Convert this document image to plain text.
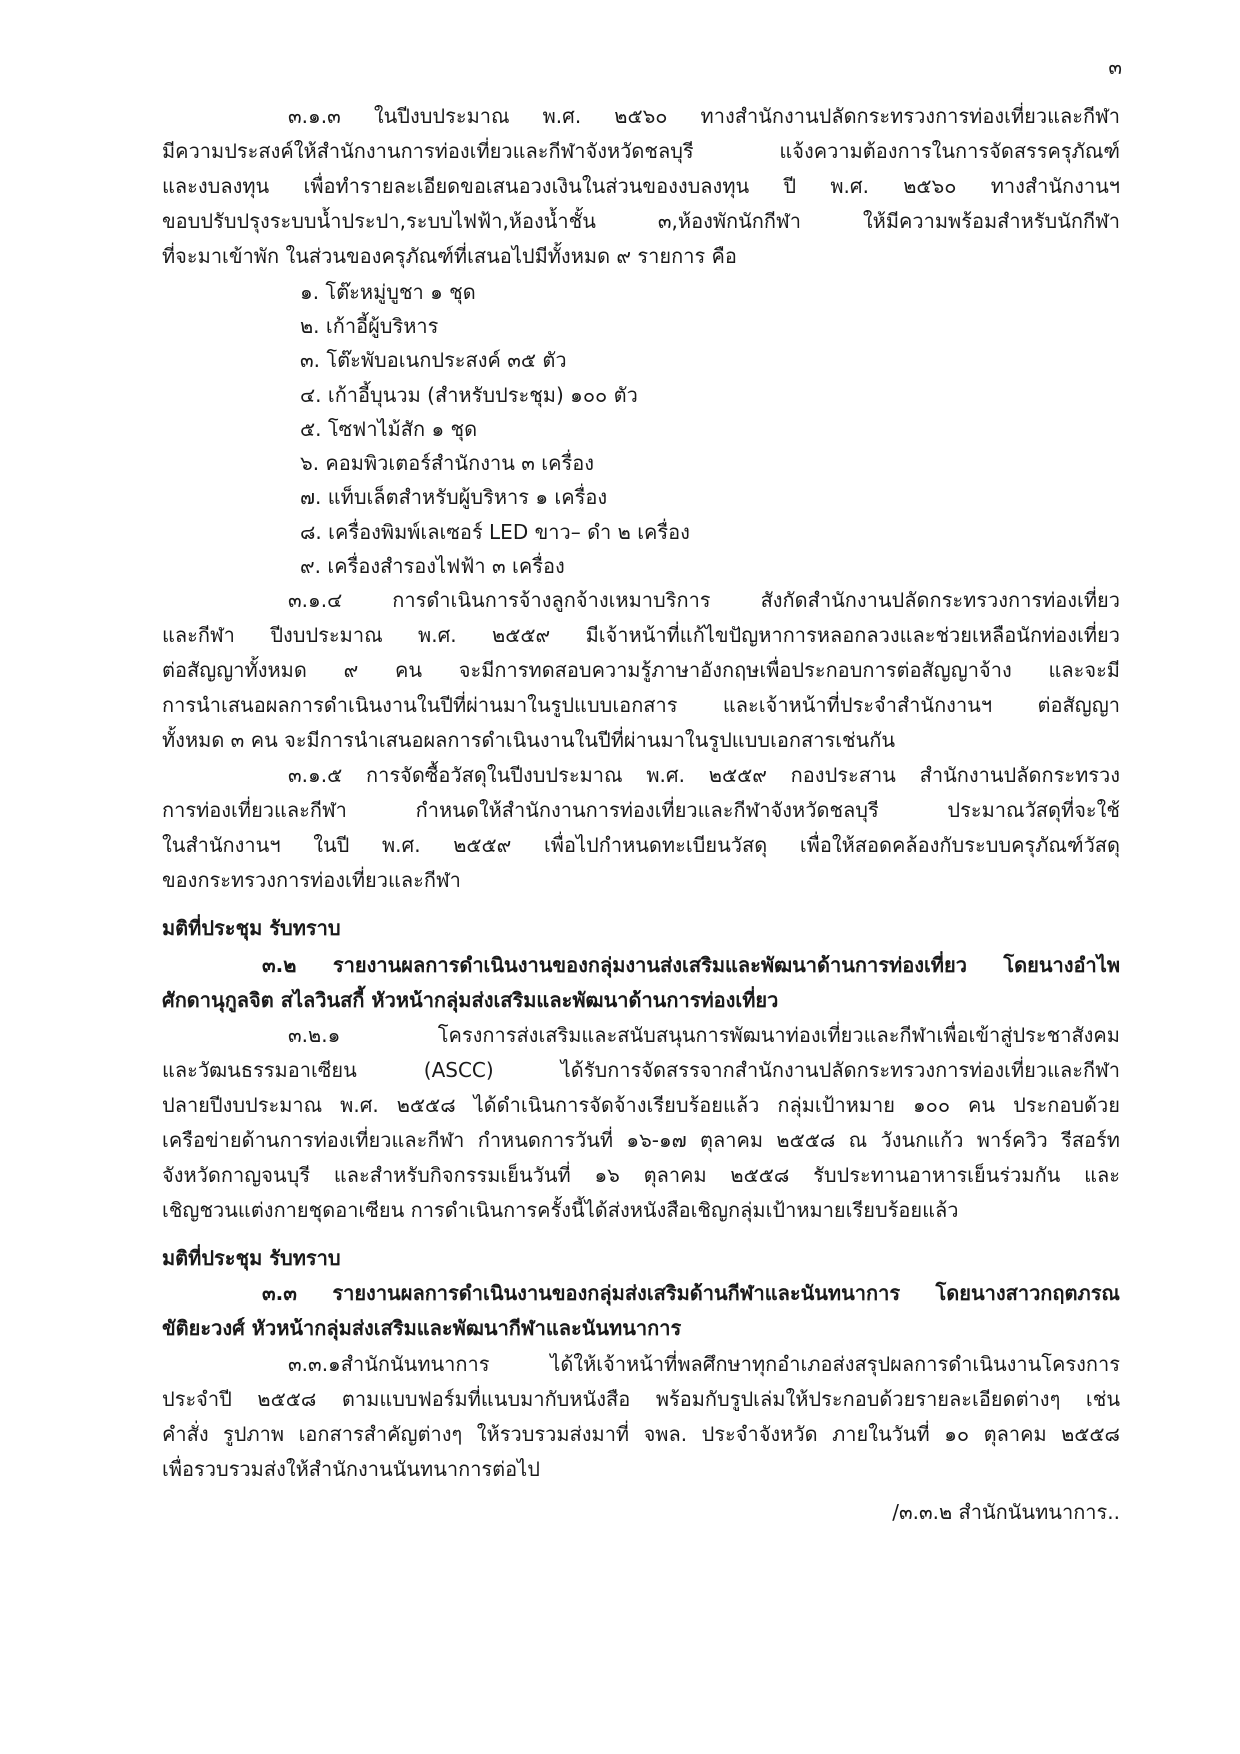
๓
๓.๑.๓ ในปีงบประมาณ พ.ศ. ๒๕๖๐ ทางสำนักงานปลัดกระทรวงการท่องเที่ยวและกีฬา
มีความประสงค์ให้สำนักงานการท่องเที่ยวและกีฬาจังหวัดชลบุรี แจ้งความต้องการในการจัดสรรครุภัณฑ์
และงบลงทุน เพื่อทำรายละเอียดขอเสนอวงเงินในส่วนของงบลงทุน ปี พ.ศ. ๒๕๖๐ ทางสำนักงานฯ
ขอบปรับปรุงระบบน้ำประปา,ระบบไฟฟ้า,ห้องน้ำชั้น ๓,ห้องพักนักกีฬา ให้มีความพร้อมสำหรับนักกีฬา
ที่จะมาเข้าพัก ในส่วนของครุภัณฑ์ที่เสนอไปมีทั้งหมด ๙ รายการ คือ
๑. โต๊ะหมู่บูชา ๑ ชุด
๒. เก้าอี้ผู้บริหาร
๓. โต๊ะพับอเนกประสงค์ ๓๕ ตัว
๔. เก้าอี้บุนวม (สำหรับประชุม) ๑๐๐ ตัว
๕. โซฟาไม้สัก ๑ ชุด
๖. คอมพิวเตอร์สำนักงาน ๓ เครื่อง
๗. แท็บเล็ตสำหรับผู้บริหาร ๑ เครื่อง
๘. เครื่องพิมพ์เลเซอร์ LED ขาว– ดำ ๒ เครื่อง
๙. เครื่องสำรองไฟฟ้า ๓ เครื่อง
๓.๑.๔ การดำเนินการจ้างลูกจ้างเหมาบริการ สังกัดสำนักงานปลัดกระทรวงการท่องเที่ยว
และกีฬา ปีงบประมาณ พ.ศ. ๒๕๕๙ มีเจ้าหน้าที่แก้ไขปัญหาการหลอกลวงและช่วยเหลือนักท่องเที่ยว
ต่อสัญญาทั้งหมด ๙ คน จะมีการทดสอบความรู้ภาษาอังกฤษเพื่อประกอบการต่อสัญญาจ้าง และจะมี
การนำเสนอผลการดำเนินงานในปีที่ผ่านมาในรูปแบบเอกสาร และเจ้าหน้าที่ประจำสำนักงานฯ ต่อสัญญา
ทั้งหมด ๓ คน จะมีการนำเสนอผลการดำเนินงานในปีที่ผ่านมาในรูปแบบเอกสารเช่นกัน
๓.๑.๕ การจัดซื้อวัสดุในปีงบประมาณ พ.ศ. ๒๕๕๙ กองประสาน สำนักงานปลัดกระทรวง
การท่องเที่ยวและกีฬา กำหนดให้สำนักงานการท่องเที่ยวและกีฬาจังหวัดชลบุรี ประมาณวัสดุที่จะใช้
ในสำนักงานฯ ในปี พ.ศ. ๒๕๕๙ เพื่อไปกำหนดทะเบียนวัสดุ เพื่อให้สอดคล้องกับระบบครุภัณฑ์วัสดุ
ของกระทรวงการท่องเที่ยวและกีฬา
มติที่ประชุม รับทราบ
๓.๒ รายงานผลการดำเนินงานของกลุ่มงานส่งเสริมและพัฒนาด้านการท่องเที่ยว โดยนางอำไพ
ศักดานุกูลจิต สไลวินสกี้ หัวหน้ากลุ่มส่งเสริมและพัฒนาด้านการท่องเที่ยว
๓.๒.๑ โครงการส่งเสริมและสนับสนุนการพัฒนาท่องเที่ยวและกีฬาเพื่อเข้าสู่ประชาสังคม
และวัฒนธรรมอาเซียน (ASCC) ได้รับการจัดสรรจากสำนักงานปลัดกระทรวงการท่องเที่ยวและกีฬา
ปลายปีงบประมาณ พ.ศ. ๒๕๕๘ ได้ดำเนินการจัดจ้างเรียบร้อยแล้ว กลุ่มเป้าหมาย ๑๐๐ คน ประกอบด้วย
เครือข่ายด้านการท่องเที่ยวและกีฬา กำหนดการวันที่ ๑๖-๑๗ ตุลาคม ๒๕๕๘ ณ วังนกแก้ว พาร์ควิว รีสอร์ท
จังหวัดกาญจนบุรี และสำหรับกิจกรรมเย็นวันที่ ๑๖ ตุลาคม ๒๕๕๘ รับประทานอาหารเย็นร่วมกัน และ
เชิญชวนแต่งกายชุดอาเซียน การดำเนินการครั้งนี้ได้ส่งหนังสือเชิญกลุ่มเป้าหมายเรียบร้อยแล้ว
มติที่ประชุม รับทราบ
๓.๓ รายงานผลการดำเนินงานของกลุ่มส่งเสริมด้านกีฬาและนันทนาการ โดยนางสาวกฤตภรณ
ขัติยะวงศ์ หัวหน้ากลุ่มส่งเสริมและพัฒนากีฬาและนันทนาการ
๓.๓.๑สำนักนันทนาการ ได้ให้เจ้าหน้าที่พลศึกษาทุกอำเภอส่งสรุปผลการดำเนินงานโครงการ
ประจำปี ๒๕๕๘ ตามแบบฟอร์มที่แนบมากับหนังสือ พร้อมกับรูปเล่มให้ประกอบด้วยรายละเอียดต่างๆ เช่น
คำสั่ง รูปภาพ เอกสารสำคัญต่างๆ ให้รวบรวมส่งมาที่ จพล. ประจำจังหวัด ภายในวันที่ ๑๐ ตุลาคม ๒๕๕๘
เพื่อรวบรวมส่งให้สำนักงานนันทนาการต่อไป
/๓.๓.๒ สำนักนันทนาการ..
